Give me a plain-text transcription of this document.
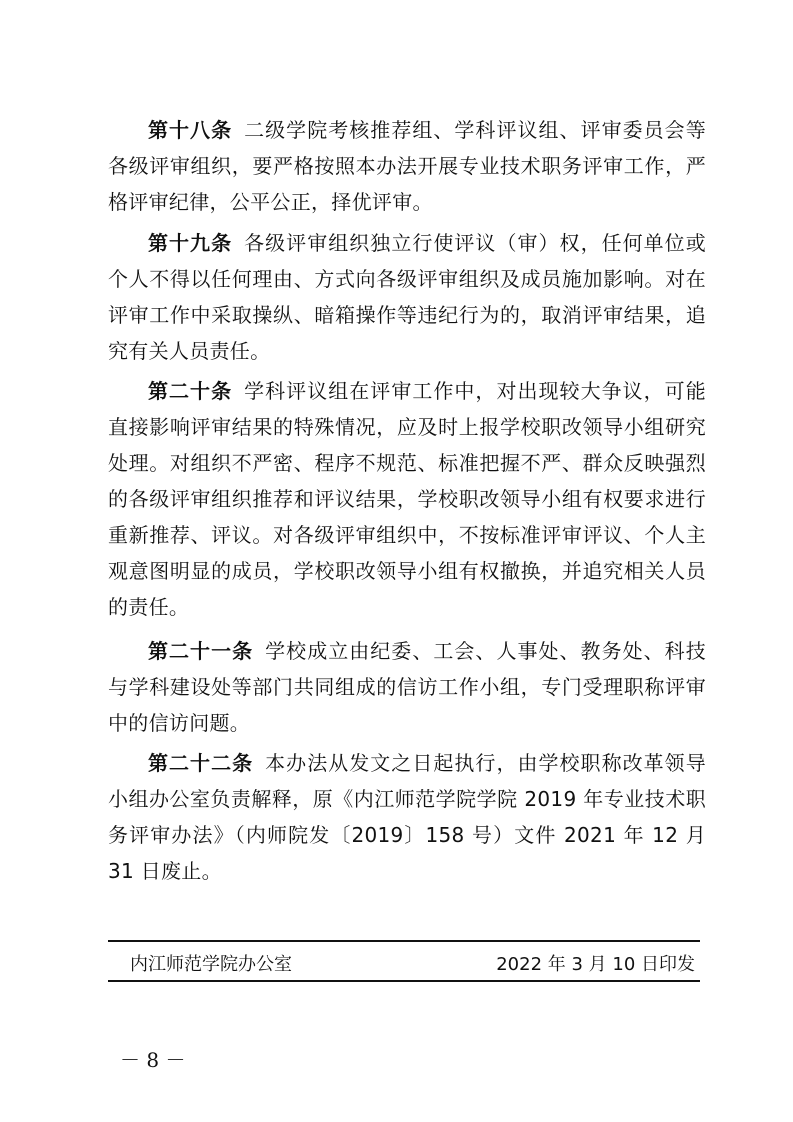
第十八条 二级学院考核推荐组、学科评议组、评审委员会等各级评审组织，要严格按照本办法开展专业技术职务评审工作，严格评审纪律，公平公正，择优评审。

第十九条 各级评审组织独立行使评议（审）权，任何单位或个人不得以任何理由、方式向各级评审组织及成员施加影响。对在评审工作中采取操纵、暗箱操作等违纪行为的，取消评审结果，追究有关人员责任。

第二十条 学科评议组在评审工作中，对出现较大争议，可能直接影响评审结果的特殊情况，应及时上报学校职改领导小组研究处理。对组织不严密、程序不规范、标准把握不严、群众反映强烈的各级评审组织推荐和评议结果，学校职改领导小组有权要求进行重新推荐、评议。对各级评审组织中，不按标准评审评议、个人主观意图明显的成员，学校职改领导小组有权撤换，并追究相关人员的责任。

第二十一条 学校成立由纪委、工会、人事处、教务处、科技与学科建设处等部门共同组成的信访工作小组，专门受理职称评审中的信访问题。

第二十二条 本办法从发文之日起执行，由学校职称改革领导小组办公室负责解释，原《内江师范学院学院 2019 年专业技术职务评审办法》（内师院发〔2019〕158 号）文件 2021 年 12 月 31 日废止。

内江师范学院办公室	2022 年 3 月 10 日印发
－ 8 －
